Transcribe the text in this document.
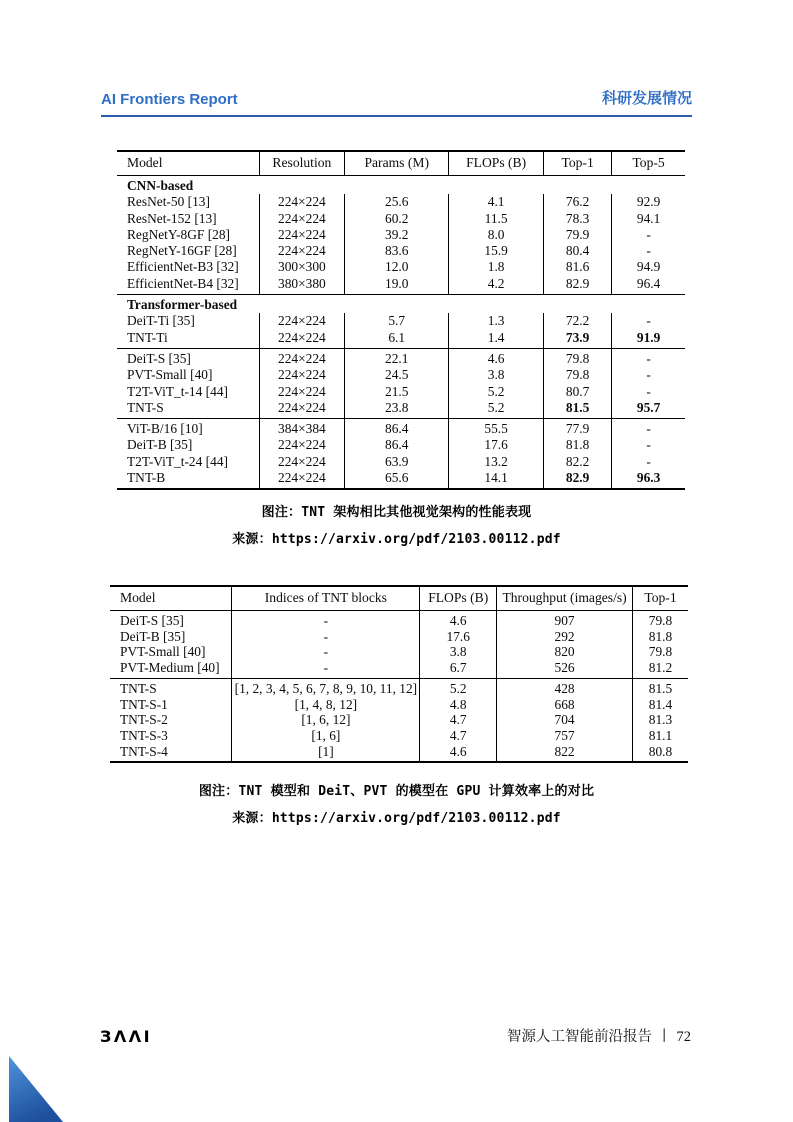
AI Frontiers Report	科研发展情况
Model	Resolution	Params (M)	FLOPs (B)	Top-1	Top-5
CNN-based					
ResNet-50 [13]	224×224	25.6	4.1	76.2	92.9
ResNet-152 [13]	224×224	60.2	11.5	78.3	94.1
RegNetY-8GF [28]	224×224	39.2	8.0	79.9	-
RegNetY-16GF [28]	224×224	83.6	15.9	80.4	-
EfficientNet-B3 [32]	300×300	12.0	1.8	81.6	94.9
EfficientNet-B4 [32]	380×380	19.0	4.2	82.9	96.4
Transformer-based					
DeiT-Ti [35]	224×224	5.7	1.3	72.2	-
TNT-Ti	224×224	6.1	1.4	73.9	91.9
DeiT-S [35]	224×224	22.1	4.6	79.8	-
PVT-Small [40]	224×224	24.5	3.8	79.8	-
T2T-ViT_t-14 [44]	224×224	21.5	5.2	80.7	-
TNT-S	224×224	23.8	5.2	81.5	95.7
ViT-B/16 [10]	384×384	86.4	55.5	77.9	-
DeiT-B [35]	224×224	86.4	17.6	81.8	-
T2T-ViT_t-24 [44]	224×224	63.9	13.2	82.2	-
TNT-B	224×224	65.6	14.1	82.9	96.3
图注：TNT 架构相比其他视觉架构的性能表现
来源：https://arxiv.org/pdf/2103.00112.pdf
Model	Indices of TNT blocks	FLOPs (B)	Throughput (images/s)	Top-1
DeiT-S [35]	-	4.6	907	79.8
DeiT-B [35]	-	17.6	292	81.8
PVT-Small [40]	-	3.8	820	79.8
PVT-Medium [40]	-	6.7	526	81.2
TNT-S	[1, 2, 3, 4, 5, 6, 7, 8, 9, 10, 11, 12]	5.2	428	81.5
TNT-S-1	[1, 4, 8, 12]	4.8	668	81.4
TNT-S-2	[1, 6, 12]	4.7	704	81.3
TNT-S-3	[1, 6]	4.7	757	81.1
TNT-S-4	[1]	4.6	822	80.8
图注：TNT 模型和 DeiT、PVT 的模型在 GPU 计算效率上的对比
来源：https://arxiv.org/pdf/2103.00112.pdf
ЗΛΛΙ	智源人工智能前沿报告 丨 72
